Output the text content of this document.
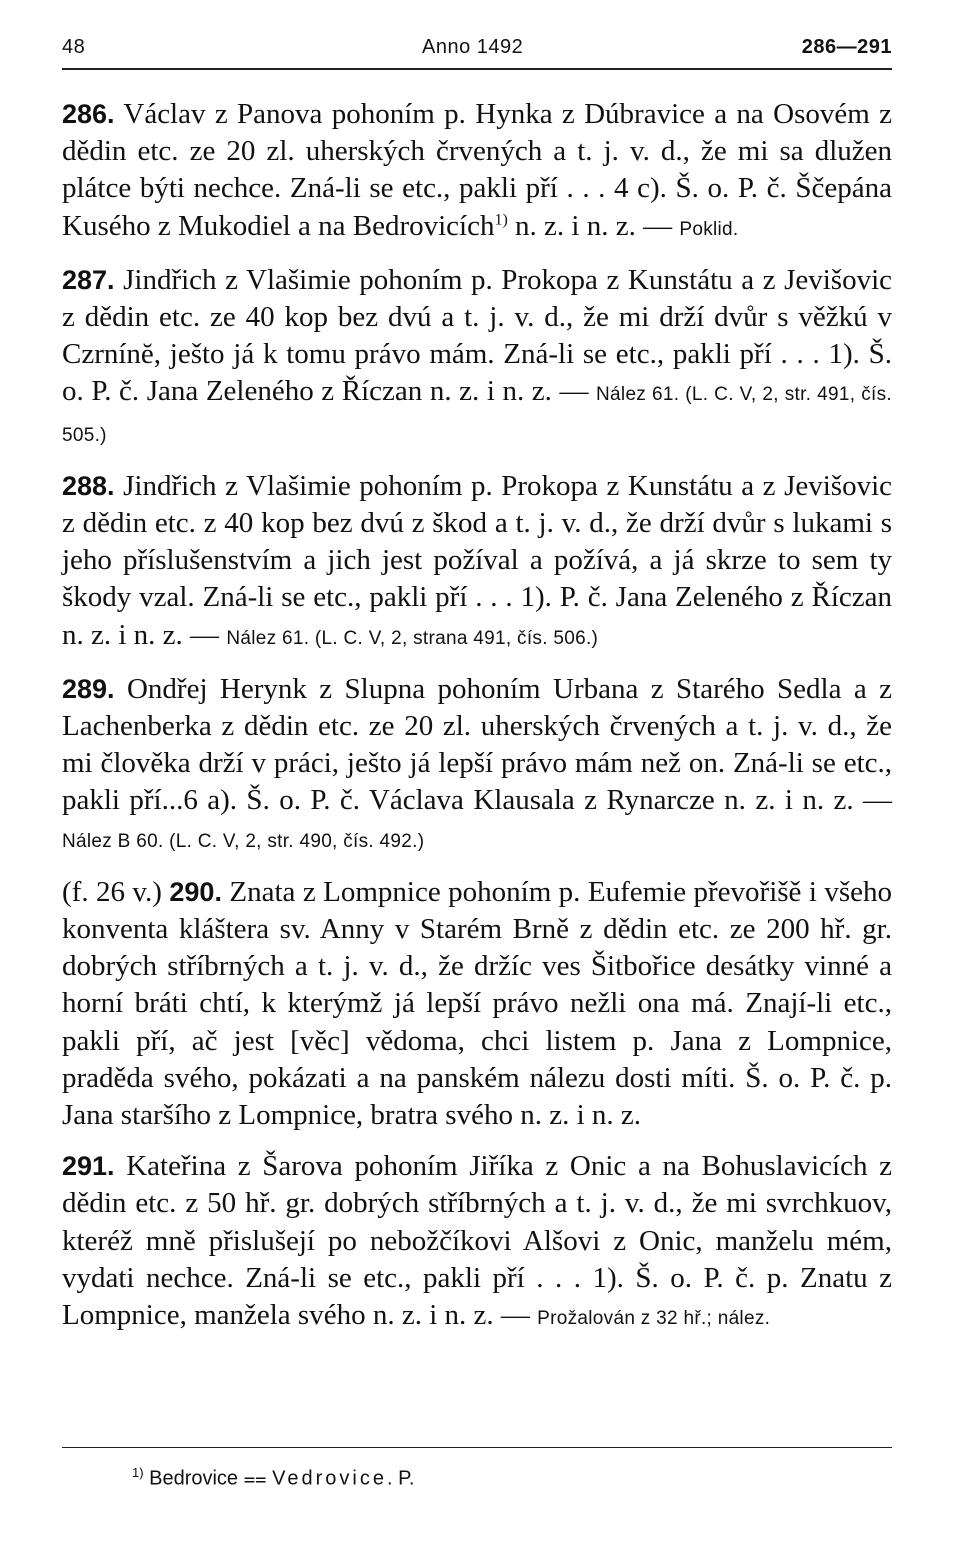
48	Anno 1492	286—291

286. Václav z Panova pohoním p. Hynka z Dúbravice a na Osovém z dědin etc. ze 20 zl. uherských črvených a t. j. v. d., že mi sa dlužen plátce býti nechce. Zná-li se etc., pakli pří . . . 4 c). Š. o. P. č. Ščepána Kusého z Mukodiel a na Bedrovicích$^{1)}$ n. z. i n. z. — Poklid.

287. Jindřich z Vlašimie pohoním p. Prokopa z Kunstátu a z Jevišovic z dědin etc. ze 40 kop bez dvú a t. j. v. d., že mi drží dvůr s věžkú v Czrnínĕ, ješto já k tomu právo mám. Zná-li se etc., pakli pří . . . 1). Š. o. P. č. Jana Zeleného z Říczan n. z. i n. z. — Nález 61. (L. C. V, 2, str. 491, čís. 505.)

288. Jindřich z Vlašimie pohoním p. Prokopa z Kunstátu a z Jevišovic z dědin etc. z 40 kop bez dvú z škod a t. j. v. d., že drží dvůr s lukami s jeho příslušenstvím a jich jest požíval a požívá, a já skrze to sem ty škody vzal. Zná-li se etc., pakli pří . . . 1). P. č. Jana Zeleného z Říczan n. z. i n. z. — Nález 61. (L. C. V, 2, strana 491, čís. 506.)

289. Ondřej Herynk z Slupna pohoním Urbana z Starého Sedla a z Lachenberka z dědin etc. ze 20 zl. uherských črvených a t. j. v. d., že mi člověka drží v práci, ješto já lepší právo mám než on. Zná-li se etc., pakli pří...6 a). Š. o. P. č. Václava Klausala z Rynarcze n. z. i n. z. — Nález B 60. (L. C. V, 2, str. 490, čís. 492.)

(f. 26 v.) 290. Znata z Lompnice pohoním p. Eufemie převořišě i všeho konventa kláštera sv. Anny v Starém Brně z dědin etc. ze 200 hř. gr. dobrých stříbrných a t. j. v. d., že držíc ves Šitbořice desátky vinné a horní bráti chtí, k kterýmž já lepší právo nežli ona má. Znají-li etc., pakli pří, ač jest [věc] vědoma, chci listem p. Jana z Lompnice, praděda svého, pokázati a na panském nálezu dosti míti. Š. o. P. č. p. Jana staršího z Lompnice, bratra svého n. z. i n. z.

291. Kateřina z Šarova pohoním Jiříka z Onic a na Bohuslavicích z dědin etc. z 50 hř. gr. dobrých stříbrných a t. j. v. d., že mi svrchkuov, kteréž mně přislušejí po nebožčíkovi Alšovi z Onic, manželu mém, vydati nechce. Zná-li se etc., pakli pří . . . 1). Š. o. P. č. p. Znatu z Lompnice, manžela svého n. z. i n. z. — Prožalován z 32 hř.; nález.

$^{1)}$ Bedrovice ⩵ Vedrovice. P.
